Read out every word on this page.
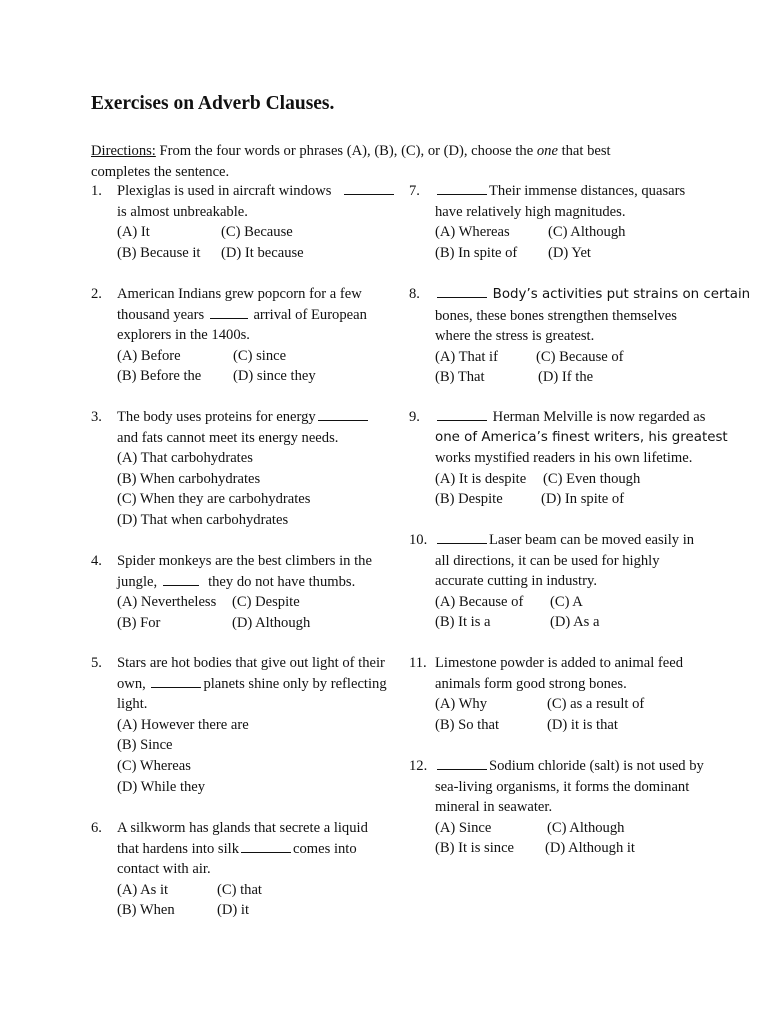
Exercises on Adverb Clauses.
Directions: From the four words or phrases (A), (B), (C), or (D), choose the one that best completes the sentence.
1.	Plexiglas is used in aircraft windows
is almost unbreakable.
(A) It	(C) Because
(B) Because it (D) It because
2.	American Indians grew popcorn for a few
thousand years	arrival of European
explorers in the 1400s.
(A) Before	(C) since
(B) Before the (D) since they
3.	The body uses proteins for energy
and fats cannot meet its energy needs.
(A) That carbohydrates
(B) When carbohydrates
(C) When they are carbohydrates
(D) That when carbohydrates
4.	Spider monkeys are the best climbers in the
jungle,	they do not have thumbs.
(A) Nevertheless (C) Despite
(B) For	(D) Although
5.	Stars are hot bodies that give out light of their
own,	planets shine only by reflecting
light.
(A) However there are
(B) Since
(C) Whereas
(D) While they
6.	A silkworm has glands that secrete a liquid
that hardens into silk	comes into
contact with air.
(A) As it	(C) that
(B) When	(D) it
7.	Their immense distances, quasars
have relatively high magnitudes.
(A) Whereas	(C) Although
(B) In spite of (D) Yet
8.	Body’s activities put strains on certain
bones, these bones strengthen themselves
where the stress is greatest.
(A) That if	(C) Because of
(B) That	(D) If the
9.	Herman Melville is now regarded as
one of America’s finest writers, his greatest
works mystified readers in his own lifetime.
(A) It is despite (C) Even though
(B) Despite	(D) In spite of
10.	Laser beam can be moved easily in
all directions, it can be used for highly
accurate cutting in industry.
(A) Because of (C) A
(B) It is a	(D) As a
11. Limestone powder is added to animal feed
animals form good strong bones.
(A) Why	(C) as a result of
(B) So that	(D) it is that
12.	Sodium chloride (salt) is not used by
sea-living organisms, it forms the dominant
mineral in seawater.
(A) Since	(C) Although
(B) It is since (D) Although it
